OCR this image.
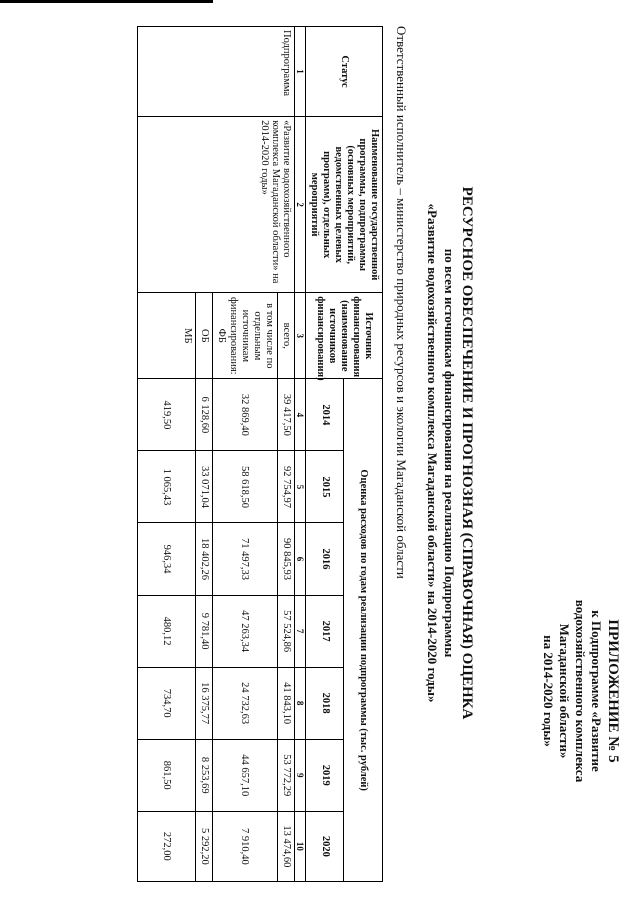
ПРИЛОЖЕНИЕ № 5
к Подпрограмме «Развитие
водохозяйственного комплекса
Магаданской области»
на 2014-2020 годы»
РЕСУРСНОЕ ОБЕСПЕЧЕНИЕ И ПРОГНОЗНАЯ (СПРАВОЧНАЯ) ОЦЕНКА
по всем источникам финансирования на реализацию Подпрограммы
«Развитие водохозяйственного комплекса Магаданской области» на 2014-2020 годы»
Ответственный исполнитель – министерство природных ресурсов и экологии Магаданской области
Статус	Наименование государственной программы, подпрограммы (основных мероприятий, ведомственных целевых программ), отдельных мероприятий	Источник финансирования (наименование источников финансирования)	Оценка расходов по годам реализации подпрограммы (тыс. рублей)						
			2014	2015	2016	2017	2018	2019	2020
1	2	3	4	5	6	7	8	9	10
Подпрограмма	«Развитие водохозяйственного комплекса Магаданской области» на 2014-2020 годы»	всего,	39 417,50	92 754,97	90 845,93	57 524,86	41 843,10	53 772,29	13 474,60
		в том числе по отдельным источникам финансирования: ФБ	32 869,40	58 618,50	71 497,33	47 263,34	24 732,63	44 657,10	7 910,40
		ОБ	6 128,60	33 071,04	18 402,26	9 781,40	16 375,77	8 253,69	5 292,20
		МБ	419,50	1 065,43	946,34	480,12	734,70	861,50	272,00
